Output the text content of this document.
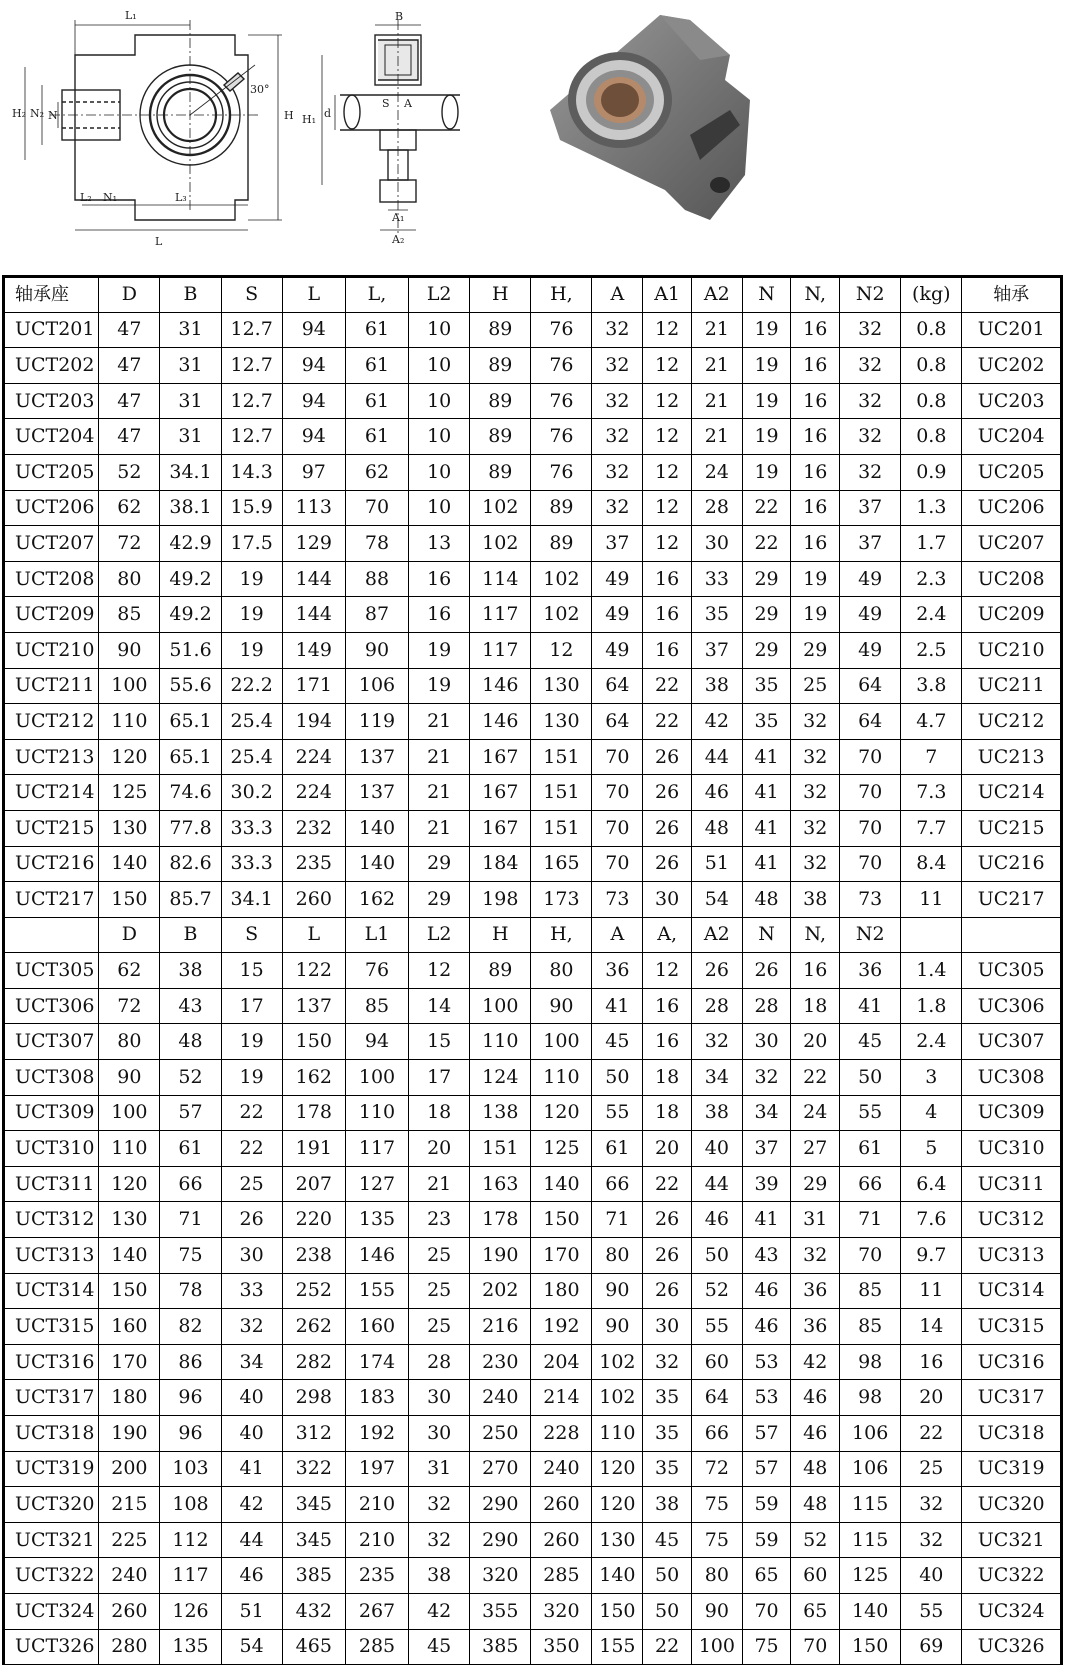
L₁
L₂ N₁	L₃
L
H₂ N₂ N	H
30°
B
H₁ d
S A
A₁
A₂
轴承座	D	B	S	L	L,	L2	H	H,	A	A1	A2	N	N,	N2	(kg)	轴承
UCT201	47	31	12.7	94	61	10	89	76	32	12	21	19	16	32	0.8	UC201
UCT202	47	31	12.7	94	61	10	89	76	32	12	21	19	16	32	0.8	UC202
UCT203	47	31	12.7	94	61	10	89	76	32	12	21	19	16	32	0.8	UC203
UCT204	47	31	12.7	94	61	10	89	76	32	12	21	19	16	32	0.8	UC204
UCT205	52	34.1	14.3	97	62	10	89	76	32	12	24	19	16	32	0.9	UC205
UCT206	62	38.1	15.9	113	70	10	102	89	32	12	28	22	16	37	1.3	UC206
UCT207	72	42.9	17.5	129	78	13	102	89	37	12	30	22	16	37	1.7	UC207
UCT208	80	49.2	19	144	88	16	114	102	49	16	33	29	19	49	2.3	UC208
UCT209	85	49.2	19	144	87	16	117	102	49	16	35	29	19	49	2.4	UC209
UCT210	90	51.6	19	149	90	19	117	12	49	16	37	29	29	49	2.5	UC210
UCT211	100	55.6	22.2	171	106	19	146	130	64	22	38	35	25	64	3.8	UC211
UCT212	110	65.1	25.4	194	119	21	146	130	64	22	42	35	32	64	4.7	UC212
UCT213	120	65.1	25.4	224	137	21	167	151	70	26	44	41	32	70	7	UC213
UCT214	125	74.6	30.2	224	137	21	167	151	70	26	46	41	32	70	7.3	UC214
UCT215	130	77.8	33.3	232	140	21	167	151	70	26	48	41	32	70	7.7	UC215
UCT216	140	82.6	33.3	235	140	29	184	165	70	26	51	41	32	70	8.4	UC216
UCT217	150	85.7	34.1	260	162	29	198	173	73	30	54	48	38	73	11	UC217
	D	B	S	L	L1	L2	H	H,	A	A,	A2	N	N,	N2		
UCT305	62	38	15	122	76	12	89	80	36	12	26	26	16	36	1.4	UC305
UCT306	72	43	17	137	85	14	100	90	41	16	28	28	18	41	1.8	UC306
UCT307	80	48	19	150	94	15	110	100	45	16	32	30	20	45	2.4	UC307
UCT308	90	52	19	162	100	17	124	110	50	18	34	32	22	50	3	UC308
UCT309	100	57	22	178	110	18	138	120	55	18	38	34	24	55	4	UC309
UCT310	110	61	22	191	117	20	151	125	61	20	40	37	27	61	5	UC310
UCT311	120	66	25	207	127	21	163	140	66	22	44	39	29	66	6.4	UC311
UCT312	130	71	26	220	135	23	178	150	71	26	46	41	31	71	7.6	UC312
UCT313	140	75	30	238	146	25	190	170	80	26	50	43	32	70	9.7	UC313
UCT314	150	78	33	252	155	25	202	180	90	26	52	46	36	85	11	UC314
UCT315	160	82	32	262	160	25	216	192	90	30	55	46	36	85	14	UC315
UCT316	170	86	34	282	174	28	230	204	102	32	60	53	42	98	16	UC316
UCT317	180	96	40	298	183	30	240	214	102	35	64	53	46	98	20	UC317
UCT318	190	96	40	312	192	30	250	228	110	35	66	57	46	106	22	UC318
UCT319	200	103	41	322	197	31	270	240	120	35	72	57	48	106	25	UC319
UCT320	215	108	42	345	210	32	290	260	120	38	75	59	48	115	32	UC320
UCT321	225	112	44	345	210	32	290	260	130	45	75	59	52	115	32	UC321
UCT322	240	117	46	385	235	38	320	285	140	50	80	65	60	125	40	UC322
UCT324	260	126	51	432	267	42	355	320	150	50	90	70	65	140	55	UC324
UCT326	280	135	54	465	285	45	385	350	155	22	100	75	70	150	69	UC326
